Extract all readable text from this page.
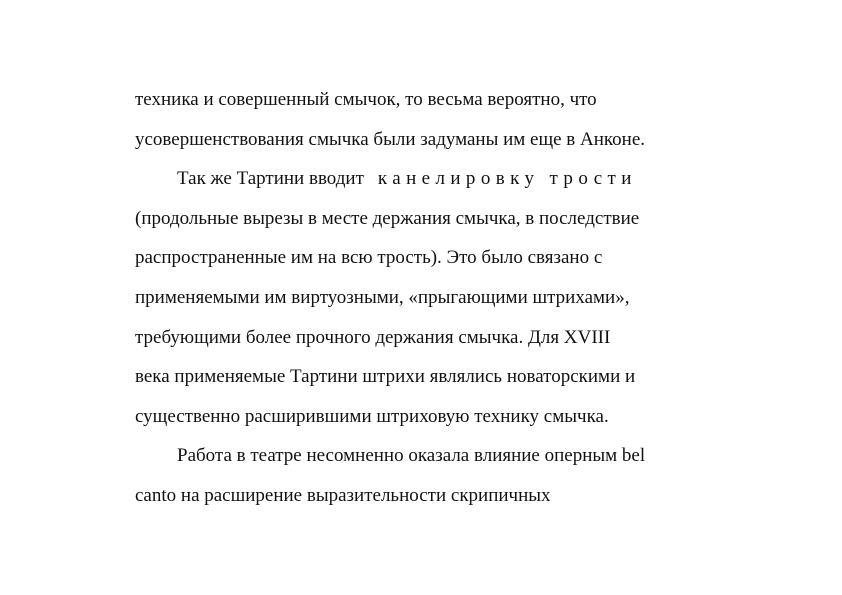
техника и совершенный смычок, то весьма вероятно, что
усовершенствования смычка были задуманы им еще в Анконе.
Так же Тартини вводит канелировку трости
(продольные вырезы в месте держания смычка, в последствие
распространенные им на всю трость). Это было связано с
применяемыми им виртуозными, «прыгающими штрихами»,
требующими более прочного держания смычка. Для XVIII
века применяемые Тартини штрихи являлись новаторскими и
существенно расширившими штриховую технику смычка.
Работа в театре несомненно оказала влияние оперным bel
canto на расширение выразительности скрипичных
